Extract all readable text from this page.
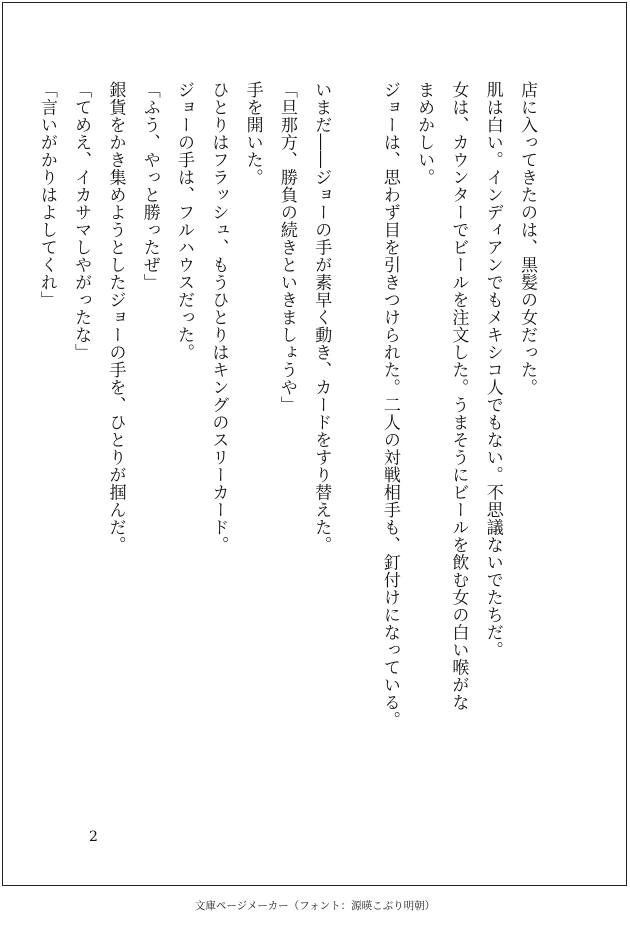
店に入ってきたのは、黒髪の女だった。

肌は白い。インディアンでもメキシコ人でもない。不思議ないでたちだ。

女は、カウンターでビールを注文した。うまそうにビールを飲む女の白い喉がな

まめかしい。

ジョーは、思わず目を引きつけられた。二人の対戦相手も、釘付けになっている。

いまだ――ジョーの手が素早く動き、カードをすり替えた。

「旦那方、勝負の続きといきましょうや」

手を開いた。

ひとりはフラッシュ、もうひとりはキングのスリーカード。

ジョーの手は、フルハウスだった。

「ふう、やっと勝ったぜ」

銀貨をかき集めようとしたジョーの手を、ひとりが掴んだ。

「てめえ、イカサマしやがったな」

「言いがかりはよしてくれ」

2
文庫ページメーカー（フォント：源暎こぶり明朝）
